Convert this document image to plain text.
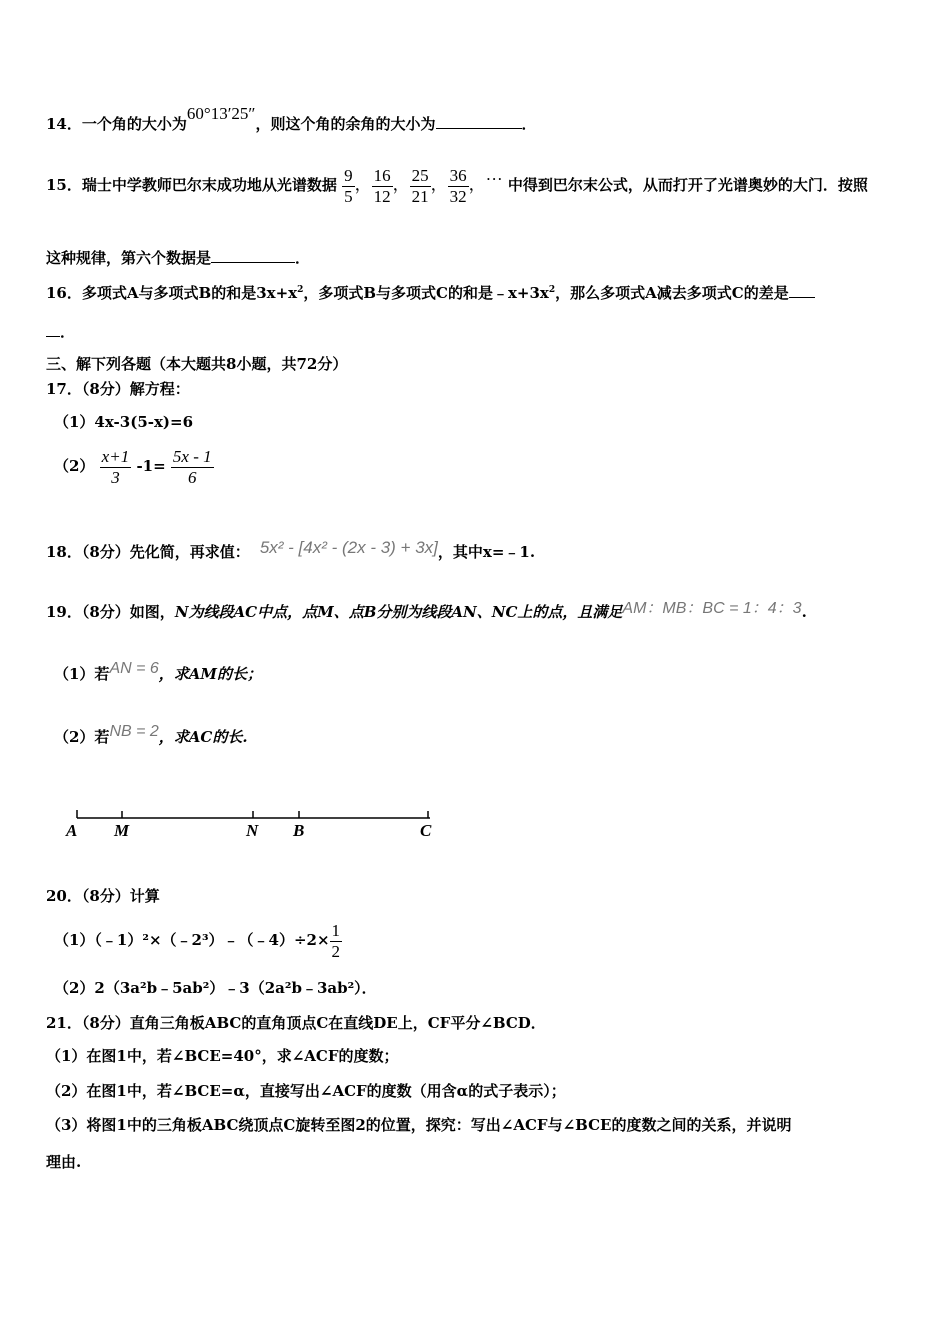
14．一个角的大小为60°13′25″，则这个角的余角的大小为	．
15．瑞士中学教师巴尔末成功地从光谱数据 $\frac{9}{5}$ ， $\frac{16}{12}$ ， $\frac{25}{21}$ ， $\frac{36}{32}$ ，… 中得到巴尔末公式，从而打开了光谱奥妙的大门．按照
这种规律，第六个数据是	．
16．多项式A与多项式B的和是$3x+x^2$，多项式B与多项式C的和是$﹣x+3x^2$，那么多项式A减去多项式C的差是
．
三、解下列各题（本大题共8小题，共72分）
17．（8分）解方程：
（1）4x-3(5-x)=6
$(2) \frac{x+1}{3} -1= \frac{5x - 1}{6}$
18．（8分）先化简，再求值： 5x² - [4x² - (2x - 3) + 3x]，其中x=﹣1.
19．（8分）如图，N为线段AC中点，点M、点B分别为线段AN、NC上的点，且满足AM：MB：BC = 1：4：3.
（1）若AN = 6，求AM的长；
（2）若NB = 2，求AC的长.
A M	N B	C
20．（8分）计算
（1）（﹣1）²×（﹣2³）﹣（﹣4）÷2× $\frac{1}{2}$
（2）2（3a²b﹣5ab²）﹣3（2a²b﹣3ab²）．
21．（8分）直角三角板ABC的直角顶点C在直线DE上，CF平分∠BCD．
（1）在图1中，若∠BCE=40°，求∠ACF的度数；
（2）在图1中，若∠BCE=α，直接写出∠ACF的度数（用含α的式子表示）；
（3）将图1中的三角板ABC绕顶点C旋转至图2的位置，探究：写出∠ACF与∠BCE的度数之间的关系，并说明
理由.
